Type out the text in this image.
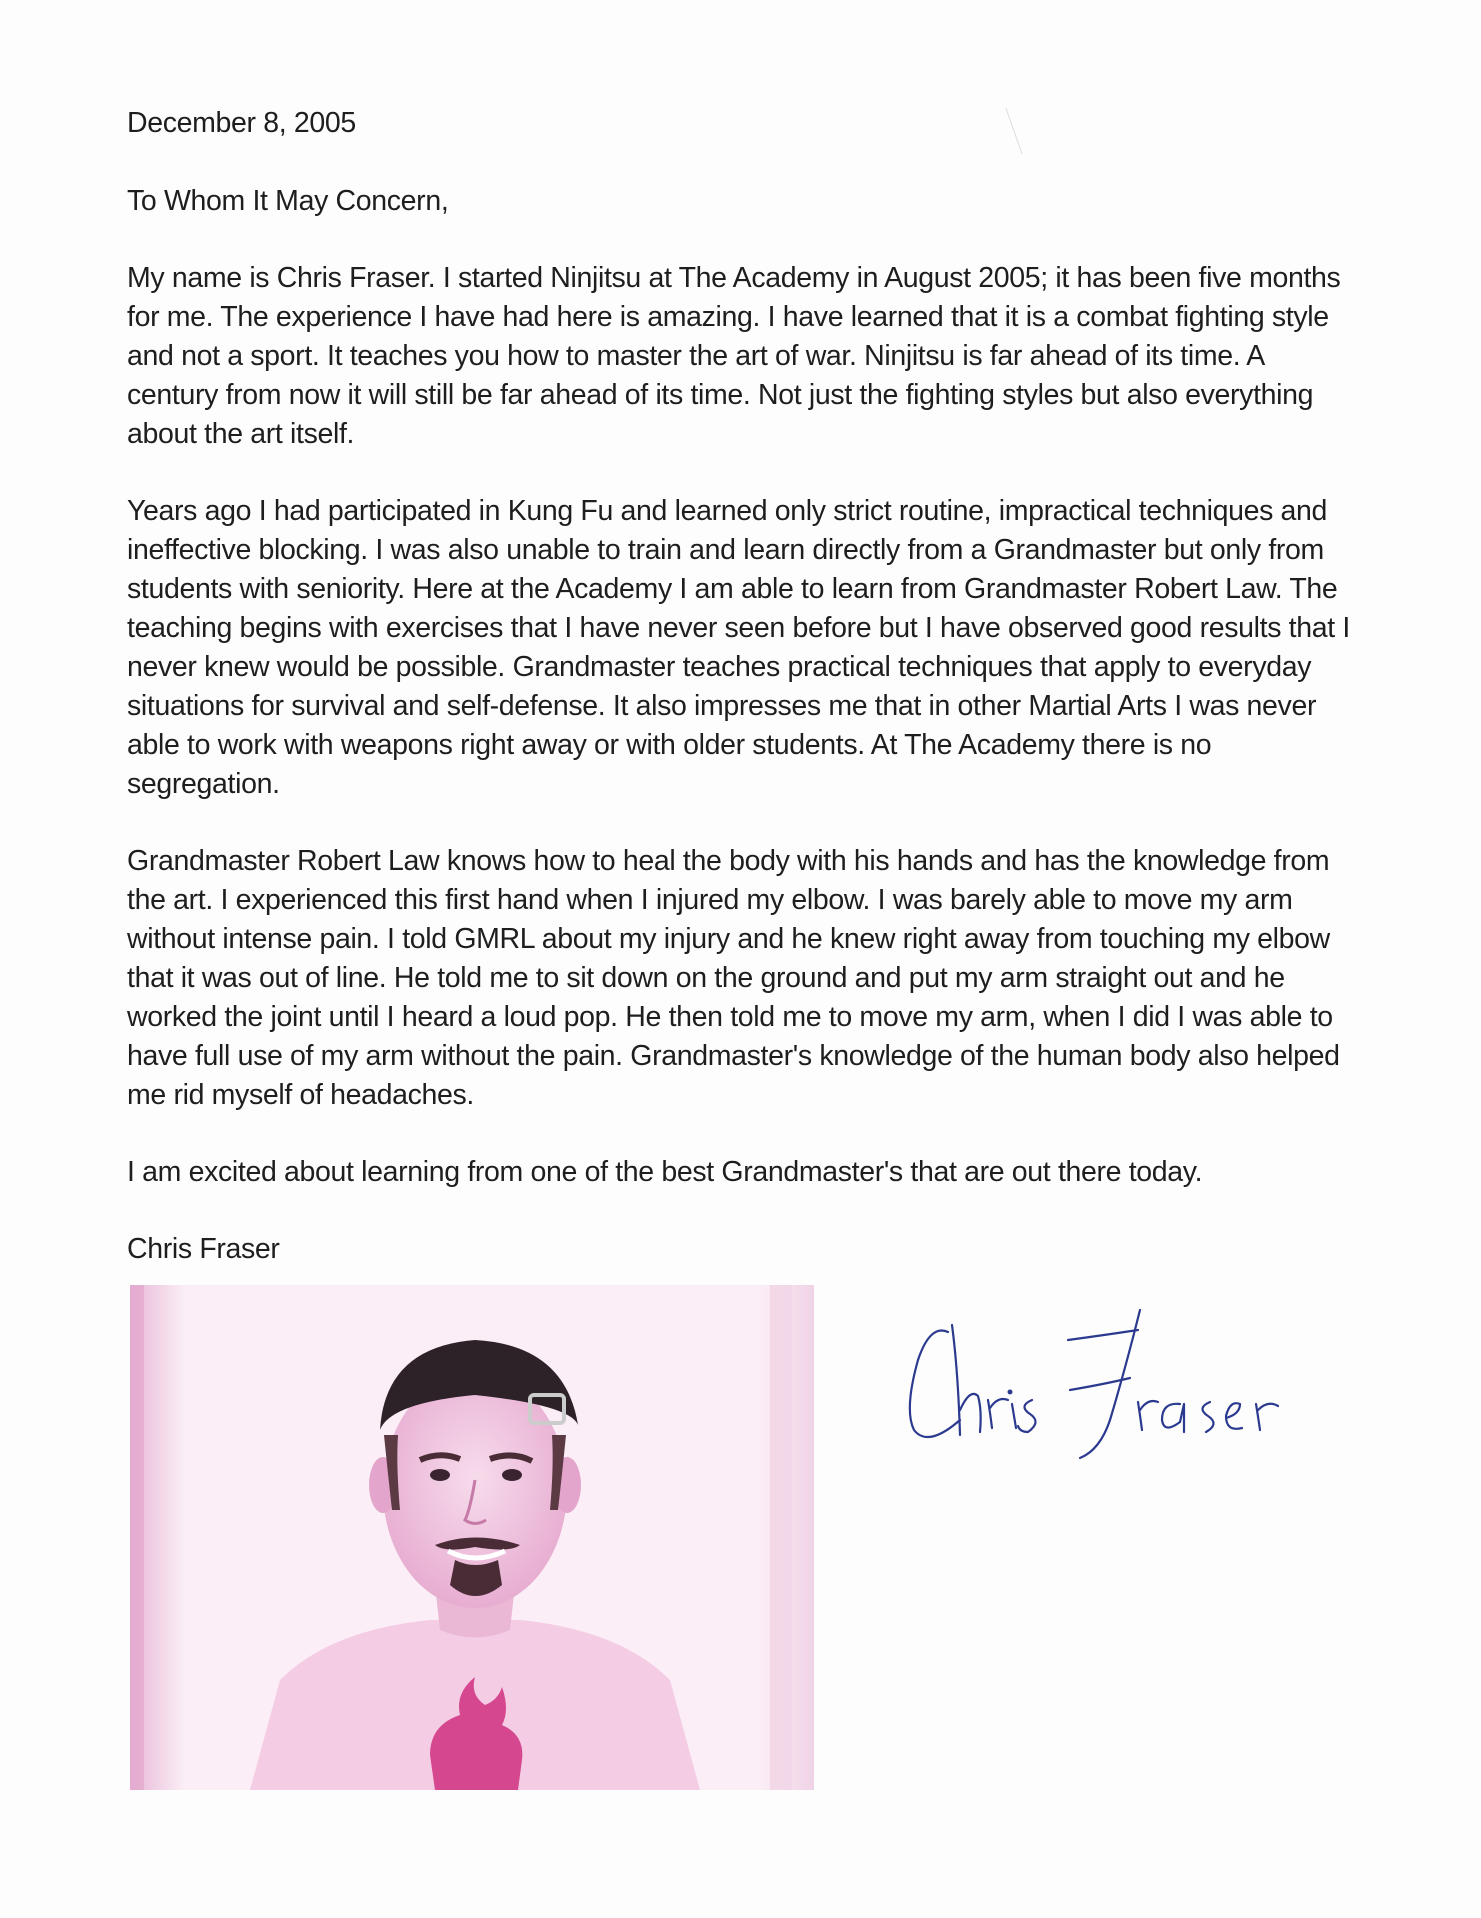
December 8, 2005

To Whom It May Concern,

My name is Chris Fraser. I started Ninjitsu at The Academy in August 2005; it has been five months for me. The experience I have had here is amazing. I have learned that it is a combat fighting style and not a sport. It teaches you how to master the art of war. Ninjitsu is far ahead of its time. A century from now it will still be far ahead of its time. Not just the fighting styles but also everything about the art itself.

Years ago I had participated in Kung Fu and learned only strict routine, impractical techniques and ineffective blocking. I was also unable to train and learn directly from a Grandmaster but only from students with seniority. Here at the Academy I am able to learn from Grandmaster Robert Law. The teaching begins with exercises that I have never seen before but I have observed good results that I never knew would be possible. Grandmaster teaches practical techniques that apply to everyday situations for survival and self-defense. It also impresses me that in other Martial Arts I was never able to work with weapons right away or with older students. At The Academy there is no segregation.

Grandmaster Robert Law knows how to heal the body with his hands and has the knowledge from the art. I experienced this first hand when I injured my elbow. I was barely able to move my arm without intense pain. I told GMRL about my injury and he knew right away from touching my elbow that it was out of line. He told me to sit down on the ground and put my arm straight out and he worked the joint until I heard a loud pop. He then told me to move my arm, when I did I was able to have full use of my arm without the pain. Grandmaster's knowledge of the human body also helped me rid myself of headaches.

I am excited about learning from one of the best Grandmaster's that are out there today.

Chris Fraser
